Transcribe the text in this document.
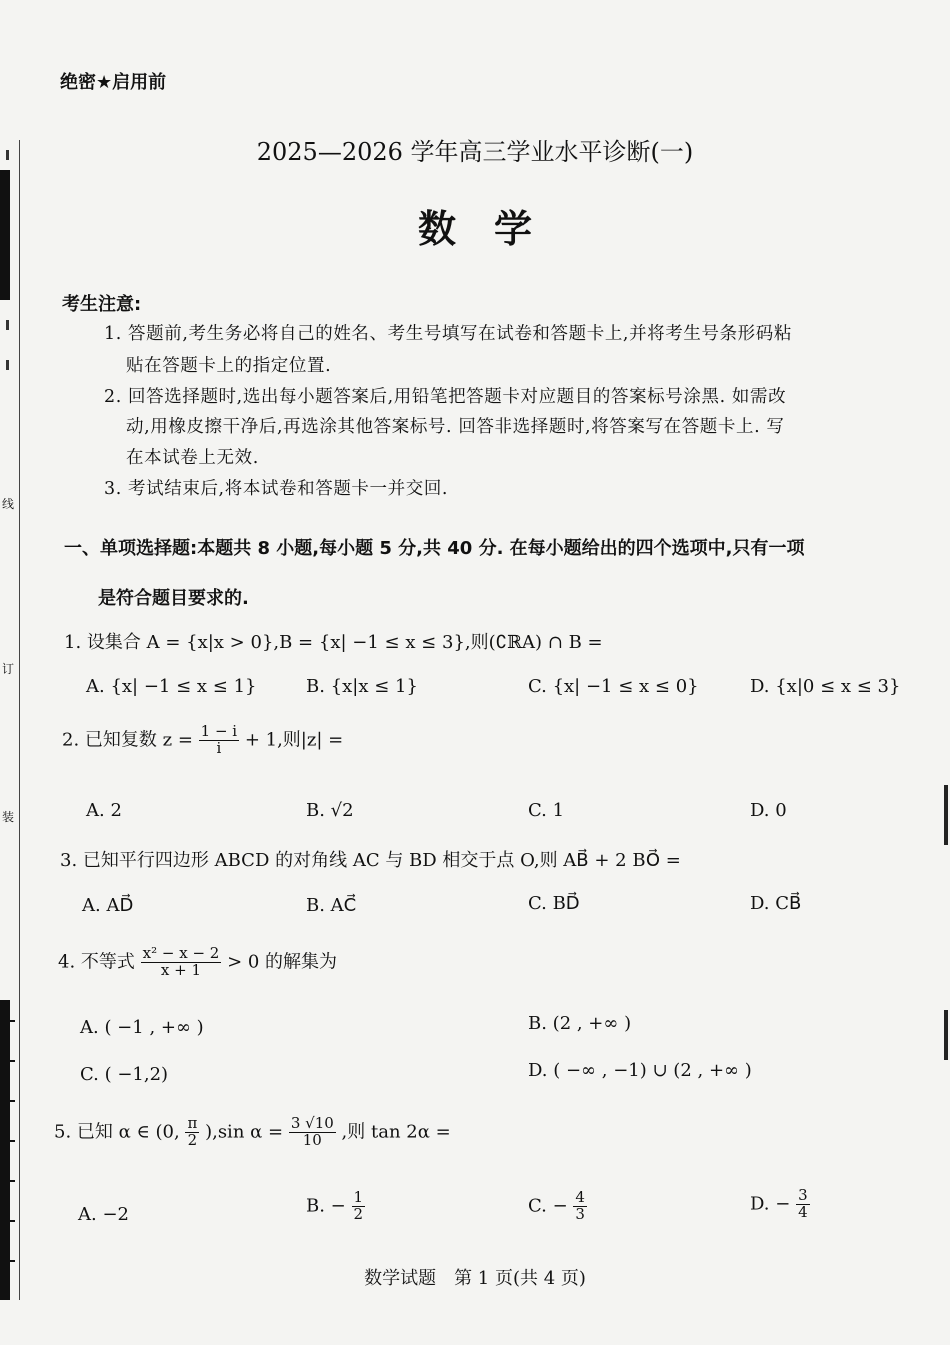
线
订
装
绝密★启用前
2025—2026 学年高三学业水平诊断(一)
数学
考生注意:
1. 答题前,考生务必将自己的姓名、考生号填写在试卷和答题卡上,并将考生号条形码粘
贴在答题卡上的指定位置.
2. 回答选择题时,选出每小题答案后,用铅笔把答题卡对应题目的答案标号涂黑. 如需改
动,用橡皮擦干净后,再选涂其他答案标号. 回答非选择题时,将答案写在答题卡上. 写
在本试卷上无效.
3. 考试结束后,将本试卷和答题卡一并交回.
一、单项选择题:本题共 8 小题,每小题 5 分,共 40 分. 在每小题给出的四个选项中,只有一项
是符合题目要求的.
1. 设集合 A = {x|x > 0},B = {x| −1 ≤ x ≤ 3},则(∁ℝA) ∩ B =
A. {x| −1 ≤ x ≤ 1}	B. {x|x ≤ 1}	C. {x| −1 ≤ x ≤ 0}	D. {x|0 ≤ x ≤ 3}
2. 已知复数 $z = \frac{1 - i}{i} + 1$,则|z| =
A. 2	B. √2	C. 1	D. 0
3. 已知平行四边形 ABCD 的对角线 AC 与 BD 相交于点 O,则 AB⃗ + 2 BO⃗ =
A. AD⃗	B. AC⃗	C. BD⃗	D. CB⃗
4. 不等式 $\frac{\text{x² − x − 2}}{x + 1} > 0$ 的解集为
A. ( −1 , +∞ )	B. (2 , +∞ )
C. ( −1,2)	D. ( −∞ , −1) ∪ (2 , +∞ )
5. 已知 α ∈ (0, $\frac{\pi}{2} ),\sin$ $\alpha = \frac{3 √10}{10}$ ,则 tan 2α =
A. −2	B. − $\frac{1}{2}$	C. − $\frac{4}{3}$	D. − $\frac{3}{4}$
数学试题　第 1 页(共 4 页)
